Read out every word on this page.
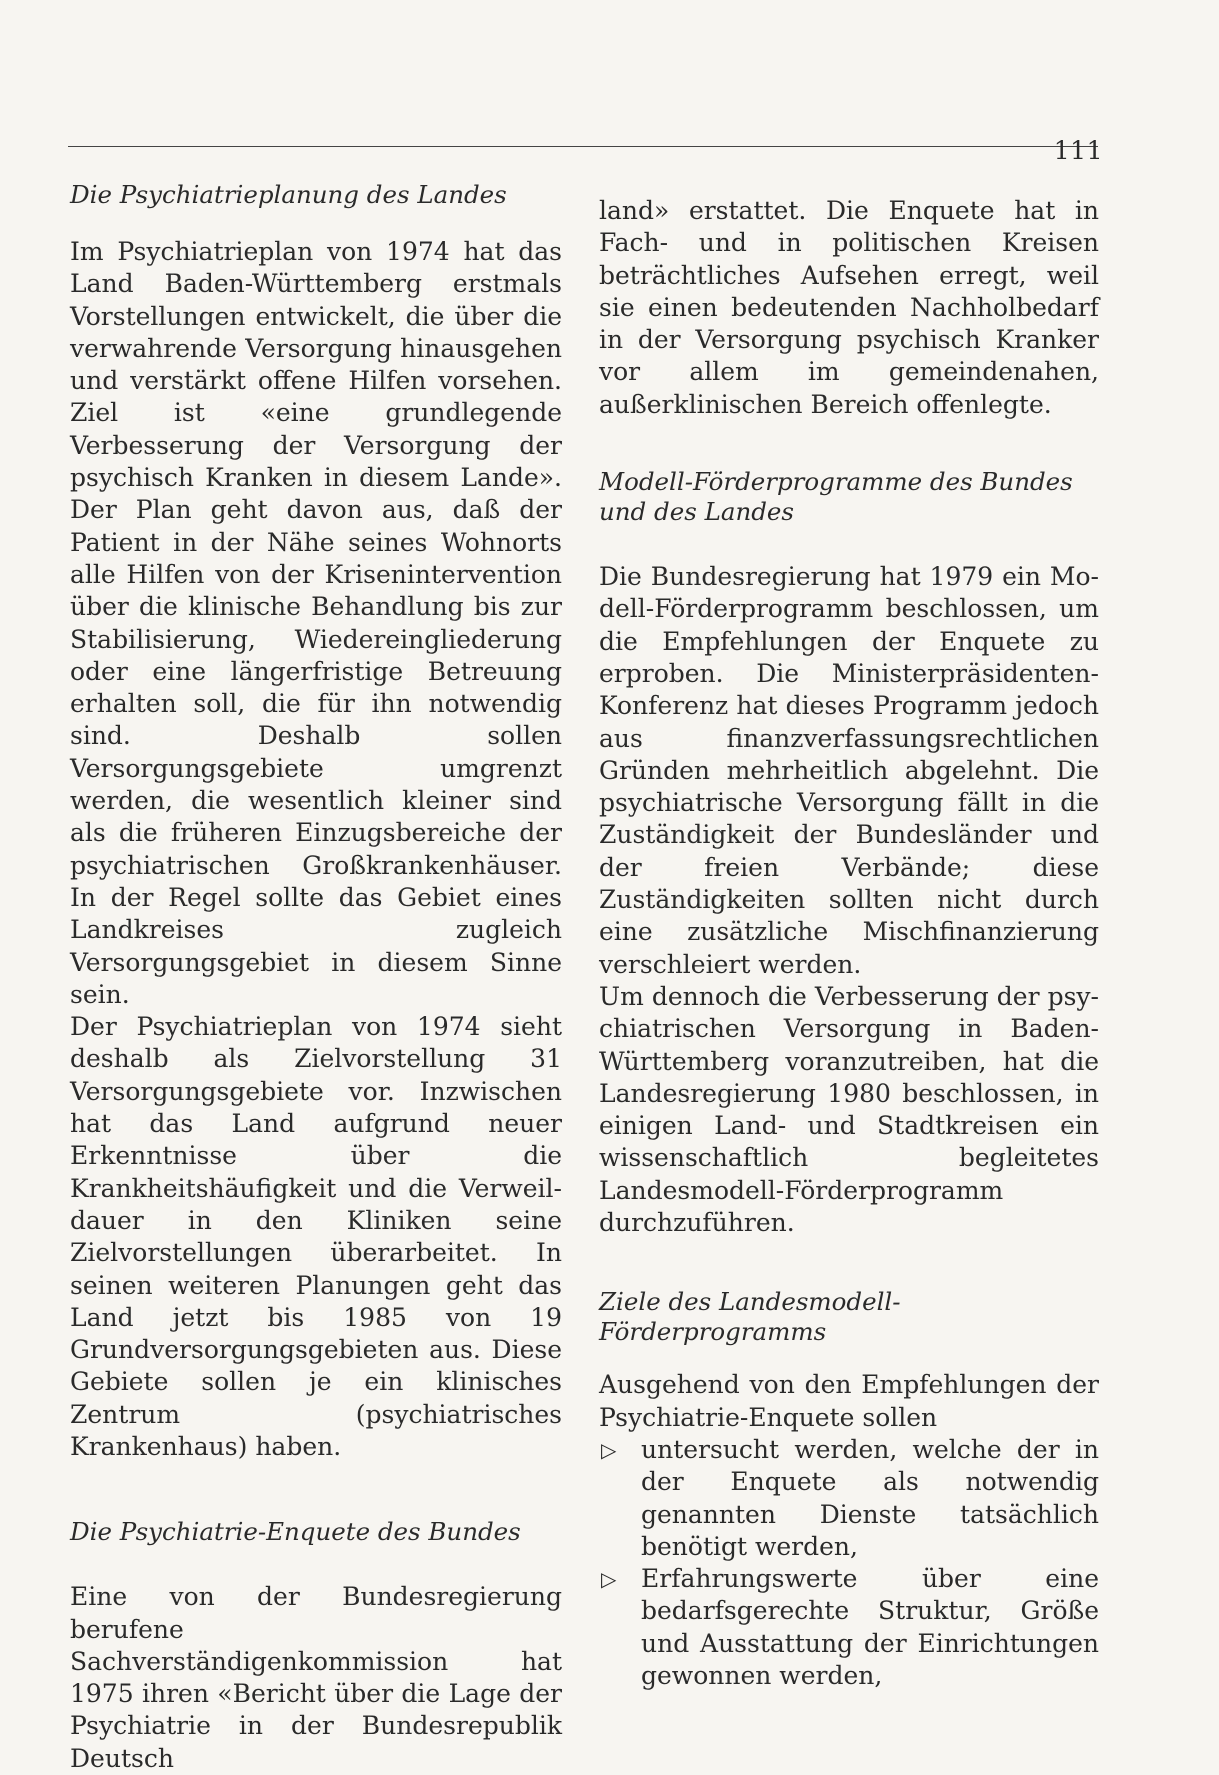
111
Die Psychiatrieplanung des Landes

Im Psychiatrieplan von 1974 hat das Land Baden-Württemberg erstmals Vorstellungen entwickelt, die über die verwahrende Versorgung hinausgehen und verstärkt offene Hilfen vorsehen. Ziel ist «eine grundlegende Verbesserung der Versorgung der psychisch Kranken in diesem Lande». Der Plan geht davon aus, daß der Patient in der Nähe seines Wohnorts alle Hilfen von der Krisenintervention über die klinische Behandlung bis zur Stabilisierung, Wiedereingliederung oder eine längerfristige Betreuung erhalten soll, die für ihn notwendig sind. Deshalb sollen Versorgungsgebiete umgrenzt werden, die wesentlich kleiner sind als die früheren Einzugsbereiche der psychiatrischen Großkrankenhäuser. In der Regel sollte das Gebiet eines Landkreises zugleich Versorgungsgebiet in diesem Sinne sein.

Der Psychiatrieplan von 1974 sieht deshalb als Zielvorstellung 31 Versorgungsgebiete vor. Inzwischen hat das Land aufgrund neuer Erkenntnisse über die Krankheitshäufigkeit und die Verweildauer in den Kliniken seine Zielvorstellungen überarbeitet. In seinen weiteren Planungen geht das Land jetzt bis 1985 von 19 Grundversorgungsgebieten aus. Diese Gebiete sollen je ein klinisches Zentrum (psychiatrisches Krankenhaus) haben.

Die Psychiatrie-Enquete des Bundes

Eine von der Bundesregierung berufene Sachverständigenkommission hat 1975 ihren «Bericht über die Lage der Psychiatrie in der Bundesrepublik Deutsch

land» erstattet. Die Enquete hat in Fach- und in politischen Kreisen beträchtliches Aufsehen erregt, weil sie einen bedeutenden Nachholbedarf in der Versorgung psychisch Kranker vor allem im gemeindenahen, außerklinischen Bereich offenlegte.

Modell-Förderprogramme des Bundes und des Landes

Die Bundesregierung hat 1979 ein Modell-Förderprogramm beschlossen, um die Empfehlungen der Enquete zu erproben. Die Ministerpräsidenten-Konferenz hat dieses Programm jedoch aus finanzverfassungsrechtlichen Gründen mehrheitlich abgelehnt. Die psychiatrische Versorgung fällt in die Zuständigkeit der Bundesländer und der freien Verbände; diese Zuständigkeiten sollten nicht durch eine zusätzliche Mischfinanzierung verschleiert werden.

Um dennoch die Verbesserung der psychiatrischen Versorgung in Baden-Württemberg voranzutreiben, hat die Landesregierung 1980 beschlossen, in einigen Land- und Stadtkreisen ein wissenschaftlich begleitetes Landesmodell-Förderprogramm durchzuführen.

Ziele des Landesmodell-Förderprogramms

Ausgehend von den Empfehlungen der Psychiatrie-Enquete sollen

▷ untersucht werden, welche der in der Enquete als notwendig genannten Dienste tatsächlich benötigt werden,
▷ Erfahrungswerte über eine bedarfsgerechte Struktur, Größe und Ausstattung der Einrichtungen gewonnen werden,
